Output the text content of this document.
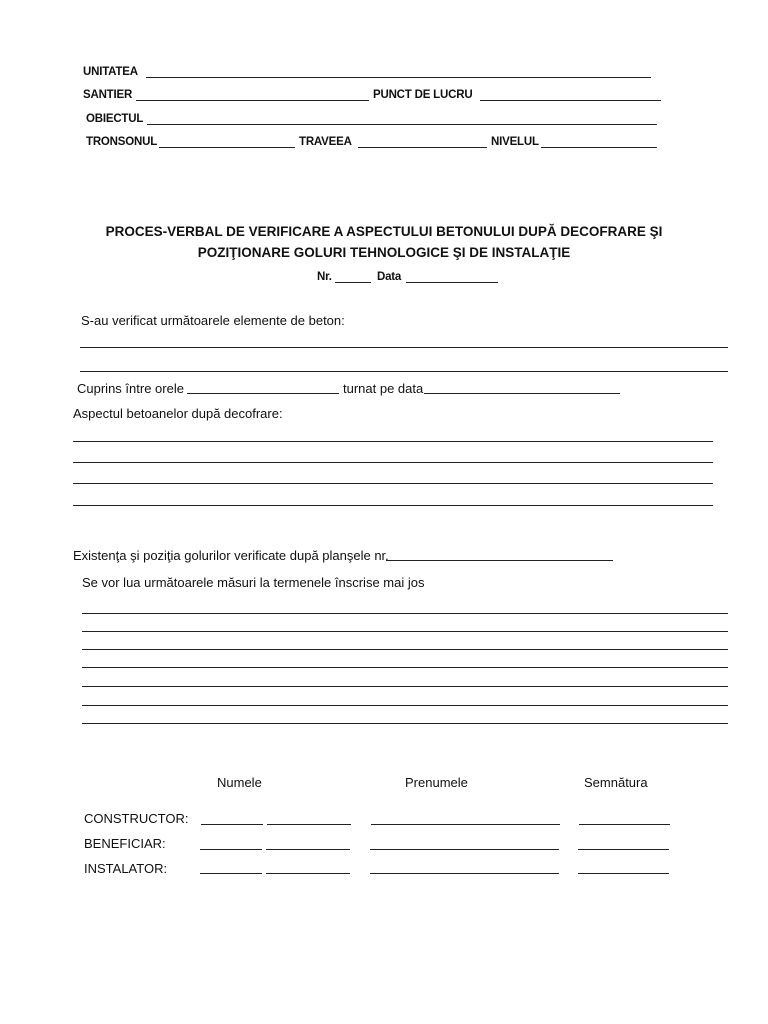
UNITATEA
SANTIER	PUNCT DE LUCRU
OBIECTUL
TRONSONUL	TRAVEEA	NIVELUL
PROCES-VERBAL DE VERIFICARE A ASPECTULUI BETONULUI DUPĂ DECOFRARE ŞI
POZIŢIONARE GOLURI TEHNOLOGICE ŞI DE INSTALAŢIE
Nr.	Data
S-au verificat următoarele elemente de beton:
Cuprins între orele	turnat pe data
Aspectul betoanelor după decofrare:
Existenţa şi poziţia golurilor verificate după planşele nr.
Se vor lua următoarele măsuri la termenele înscrise mai jos
Numele	Prenumele	Semnătura
CONSTRUCTOR:
BENEFICIAR:
INSTALATOR:
